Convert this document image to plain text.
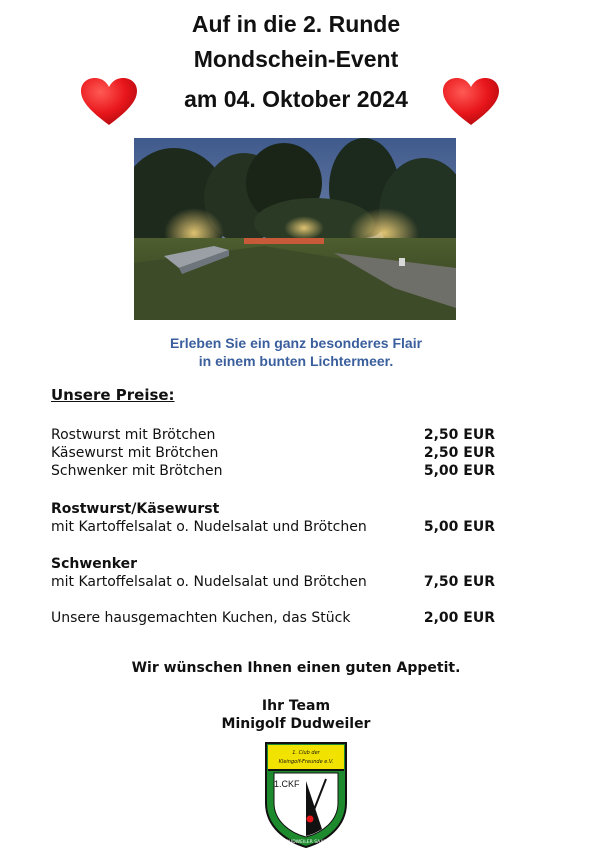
Auf in die 2. Runde
Mondschein-Event
am 04. Oktober 2024
Erleben Sie ein ganz besonderes Flair
in einem bunten Lichtermeer.
Unsere Preise:
Rostwurst mit Brötchen	2,50 EUR
Käsewurst mit Brötchen	2,50 EUR
Schwenker mit Brötchen	5,00 EUR
Rostwurst/Käsewurst
mit Kartoffelsalat o. Nudelsalat und Brötchen	5,00 EUR
Schwenker
mit Kartoffelsalat o. Nudelsalat und Brötchen	7,50 EUR
Unsere hausgemachten Kuchen, das Stück	2,00 EUR
Wir wünschen Ihnen einen guten Appetit.
Ihr Team
Minigolf Dudweiler
1. Club der
Kleingolf-Freunde e.V.
1.CKF
DUDWEILER SAAR
